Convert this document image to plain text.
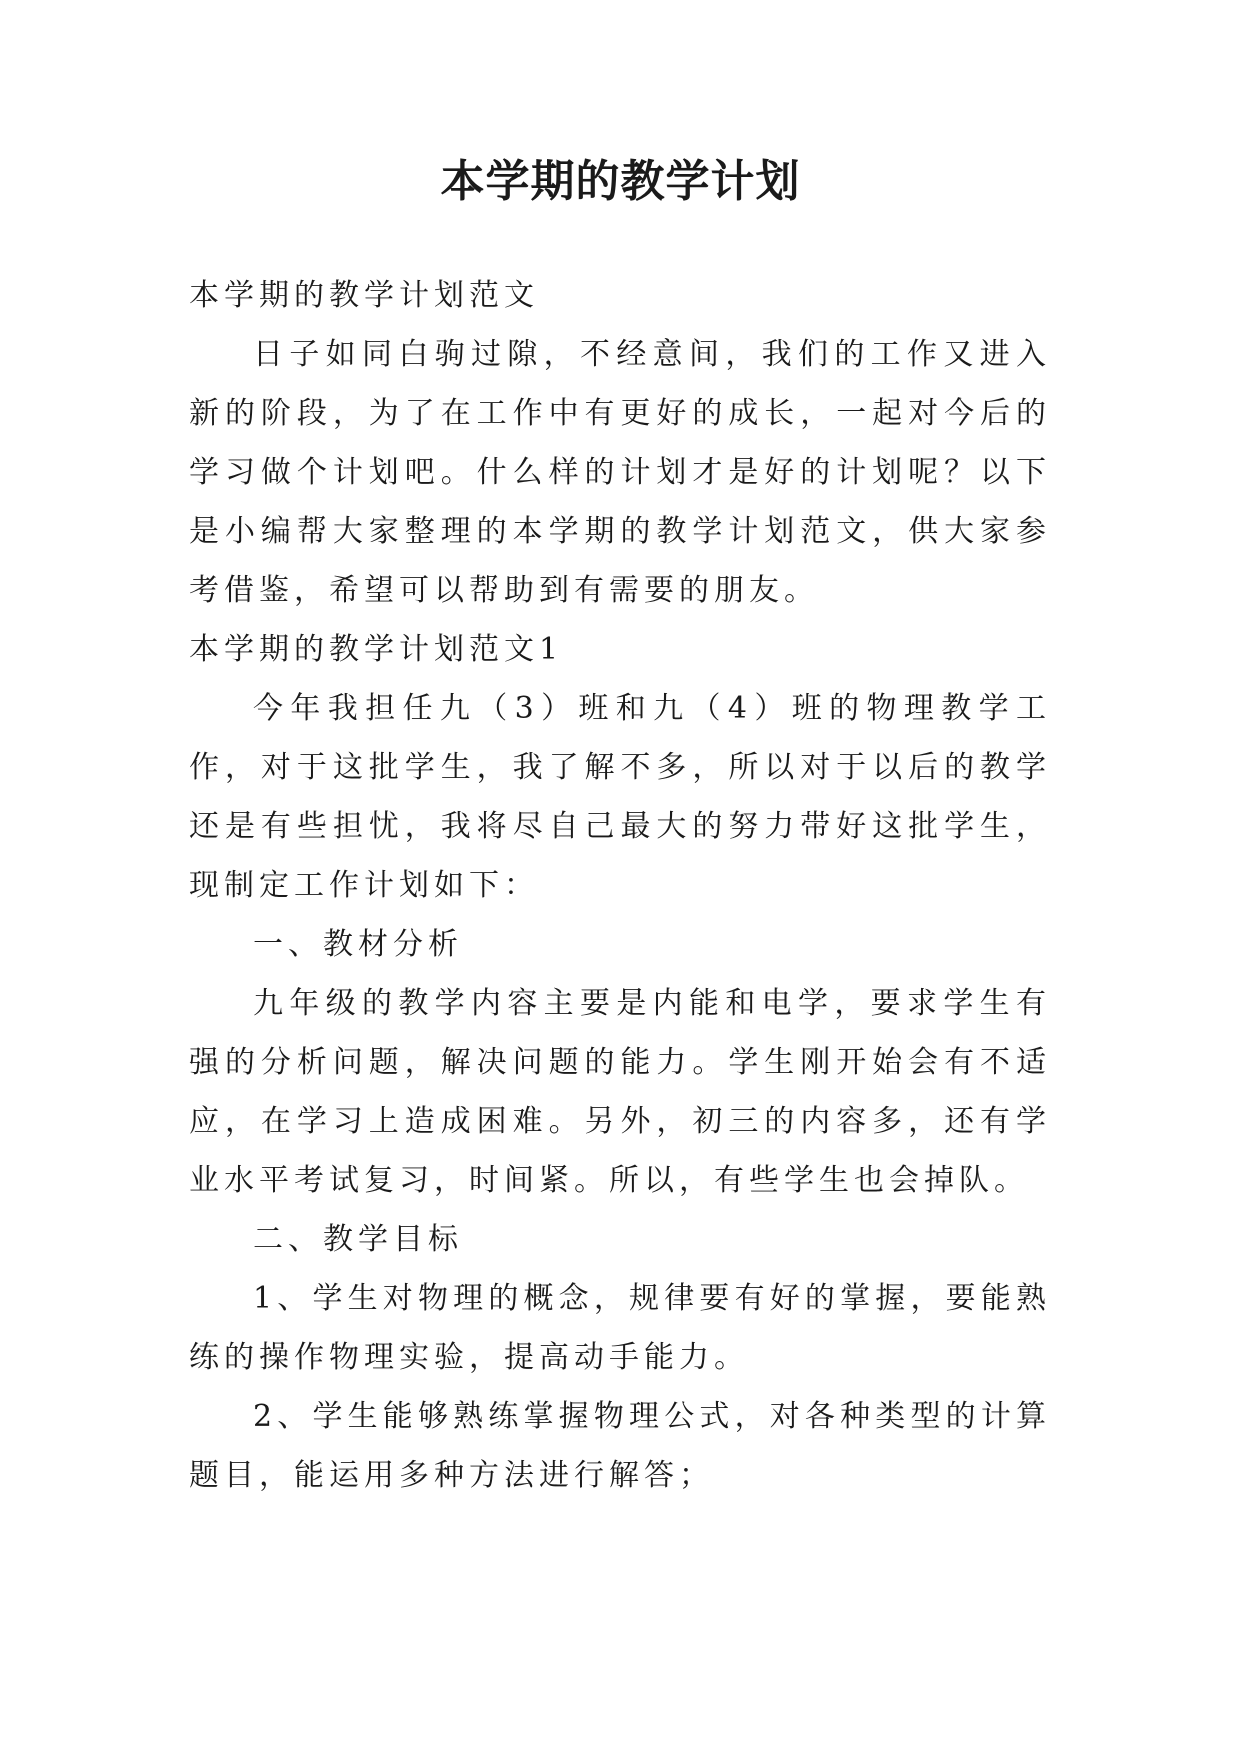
本学期的教学计划

本学期的教学计划范文

日子如同白驹过隙，不经意间，我们的工作又进入新的阶段，为了在工作中有更好的成长，一起对今后的学习做个计划吧。什么样的计划才是好的计划呢？以下是小编帮大家整理的本学期的教学计划范文，供大家参考借鉴，希望可以帮助到有需要的朋友。

本学期的教学计划范文1

今年我担任九（3）班和九（4）班的物理教学工作，对于这批学生，我了解不多，所以对于以后的教学还是有些担忧，我将尽自己最大的努力带好这批学生，现制定工作计划如下：

一、教材分析

九年级的教学内容主要是内能和电学，要求学生有强的分析问题，解决问题的能力。学生刚开始会有不适应，在学习上造成困难。另外，初三的内容多，还有学业水平考试复习，时间紧。所以，有些学生也会掉队。

二、教学目标

1、学生对物理的概念，规律要有好的掌握，要能熟练的操作物理实验，提高动手能力。

2、学生能够熟练掌握物理公式，对各种类型的计算题目，能运用多种方法进行解答；
